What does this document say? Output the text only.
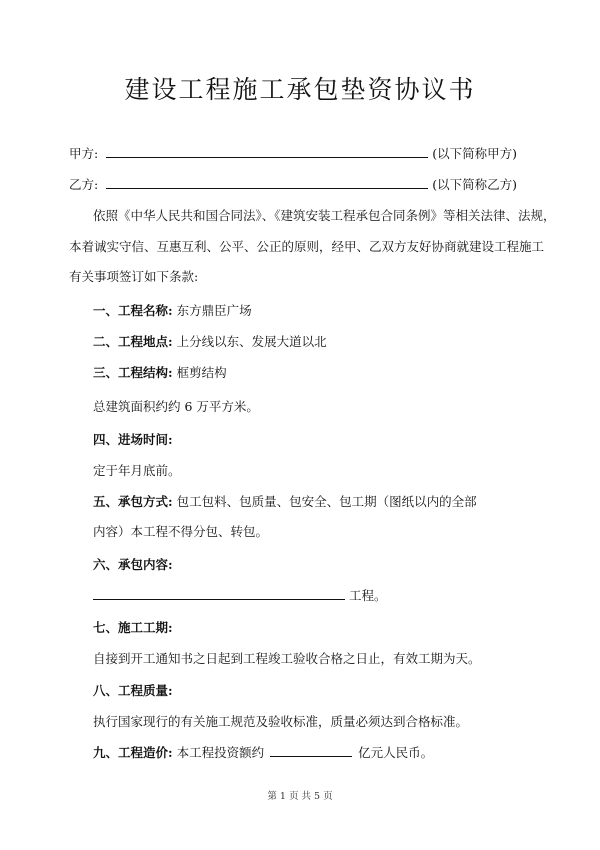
建设工程施工承包垫资协议书
甲方:	(以下简称甲方)
乙方:	(以下简称乙方)
依照《中华人民共和国合同法》、《建筑安装工程承包合同条例》等相关法律、法规，
本着诚实守信、互惠互利、公平、公正的原则，经甲、乙双方友好协商就建设工程施工
有关事项签订如下条款:
一、工程名称: 东方鼎臣广场
二、工程地点: 上分线以东、发展大道以北
三、工程结构: 框剪结构
总建筑面积约约 6 万平方米。
四、进场时间:
定于年月底前。
五、承包方式: 包工包料、包质量、包安全、包工期（图纸以内的全部
内容）本工程不得分包、转包。
六、承包内容:
工程。
七、施工工期:
自接到开工通知书之日起到工程竣工验收合格之日止，有效工期为天。
八、工程质量:
执行国家现行的有关施工规范及验收标准，质量必须达到合格标准。
九、工程造价: 本工程投资额约	亿元人民币。
第 1 页 共 5 页
